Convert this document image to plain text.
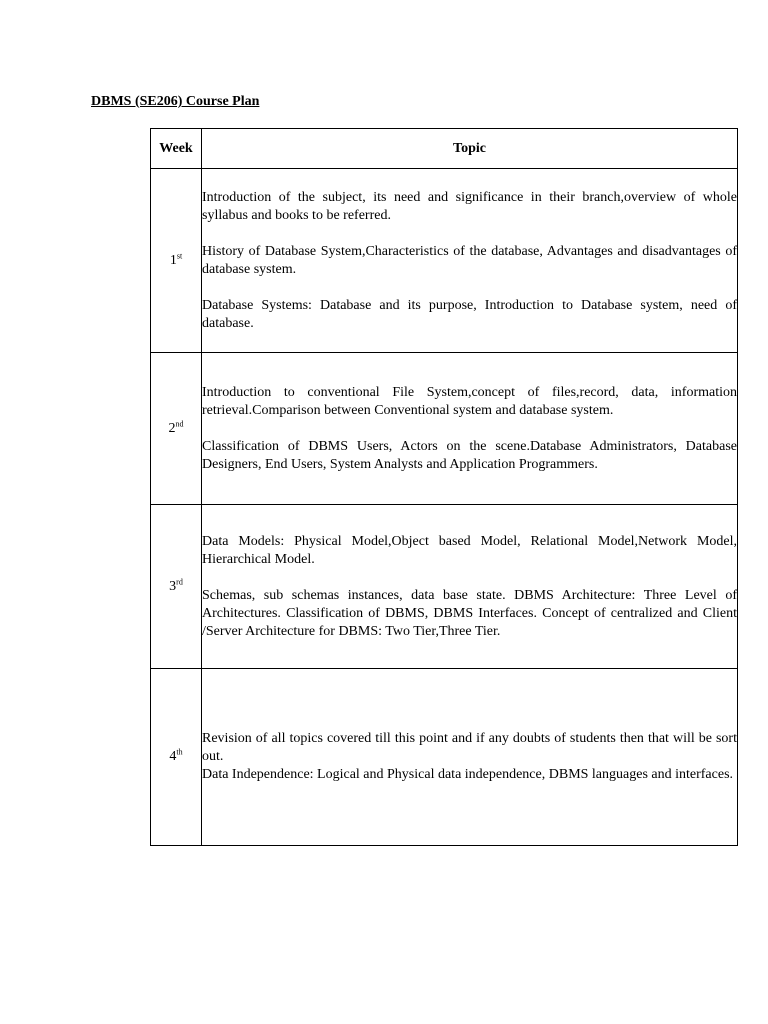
DBMS (SE206) Course Plan
Week	Topic
1st	Introduction of the subject, its need and significance in their branch,overview of whole syllabus and books to be referred.

History of Database System,Characteristics of the database, Advantages and disadvantages of database system.

Database Systems: Database and its purpose, Introduction to Database system, need of database.

2nd	Introduction to conventional File System,concept of files,record, data, information retrieval.Comparison between Conventional system and database system.

Classification of DBMS Users, Actors on the scene.Database Administrators, Database Designers, End Users, System Analysts and Application Programmers.

3rd	Data Models: Physical Model,Object based Model, Relational Model,Network Model, Hierarchical Model.

Schemas, sub schemas instances, data base state. DBMS Architecture: Three Level of Architectures. Classification of DBMS, DBMS Interfaces. Concept of centralized and Client /Server Architecture for DBMS: Two Tier,Three Tier.

4th	Revision of all topics covered till this point and if any doubts of students then that will be sort out.

Data Independence: Logical and Physical data independence, DBMS languages and interfaces.
